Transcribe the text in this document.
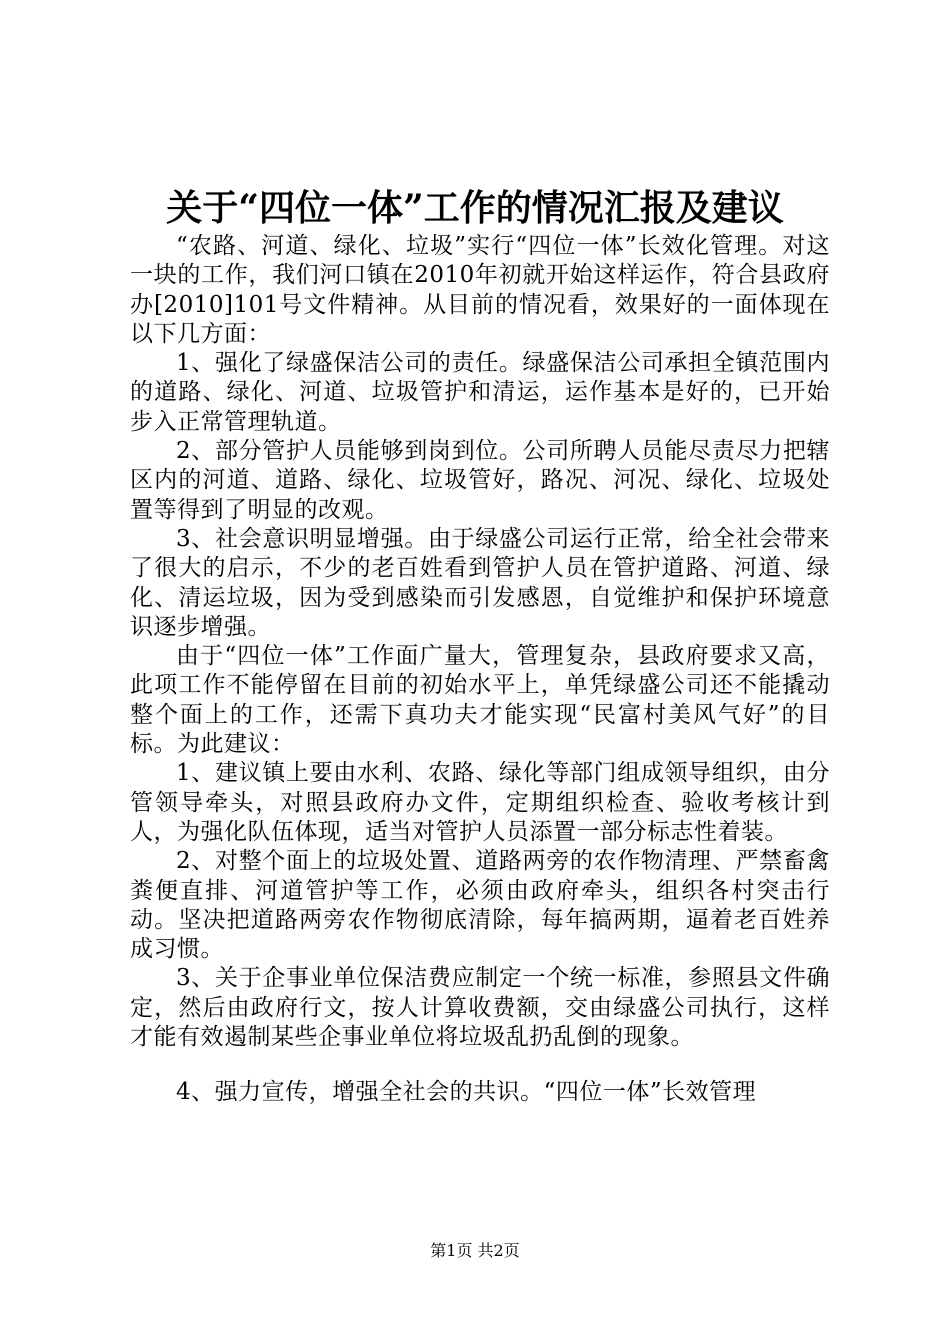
关于“四位一体”工作的情况汇报及建议

“农路、河道、绿化、垃圾”实行“四位一体”长效化管理。对这一块的工作，我们河口镇在2010年初就开始这样运作，符合县政府办[2010]101号文件精神。从目前的情况看，效果好的一面体现在以下几方面：

1、强化了绿盛保洁公司的责任。绿盛保洁公司承担全镇范围内的道路、绿化、河道、垃圾管护和清运，运作基本是好的，已开始步入正常管理轨道。

2、部分管护人员能够到岗到位。公司所聘人员能尽责尽力把辖区内的河道、道路、绿化、垃圾管好，路况、河况、绿化、垃圾处置等得到了明显的改观。

3、社会意识明显增强。由于绿盛公司运行正常，给全社会带来了很大的启示，不少的老百姓看到管护人员在管护道路、河道、绿化、清运垃圾，因为受到感染而引发感恩，自觉维护和保护环境意识逐步增强。

由于“四位一体”工作面广量大，管理复杂，县政府要求又高，此项工作不能停留在目前的初始水平上，单凭绿盛公司还不能撬动整个面上的工作，还需下真功夫才能实现“民富村美风气好”的目标。为此建议：

1、建议镇上要由水利、农路、绿化等部门组成领导组织，由分管领导牵头，对照县政府办文件，定期组织检查、验收考核计到人，为强化队伍体现，适当对管护人员添置一部分标志性着装。

2、对整个面上的垃圾处置、道路两旁的农作物清理、严禁畜禽粪便直排、河道管护等工作，必须由政府牵头，组织各村突击行动。坚决把道路两旁农作物彻底清除，每年搞两期，逼着老百姓养成习惯。

3、关于企事业单位保洁费应制定一个统一标准，参照县文件确定，然后由政府行文，按人计算收费额，交由绿盛公司执行，这样才能有效遏制某些企事业单位将垃圾乱扔乱倒的现象。

4、强力宣传，增强全社会的共识。“四位一体”长效管理

第1页 共2页
